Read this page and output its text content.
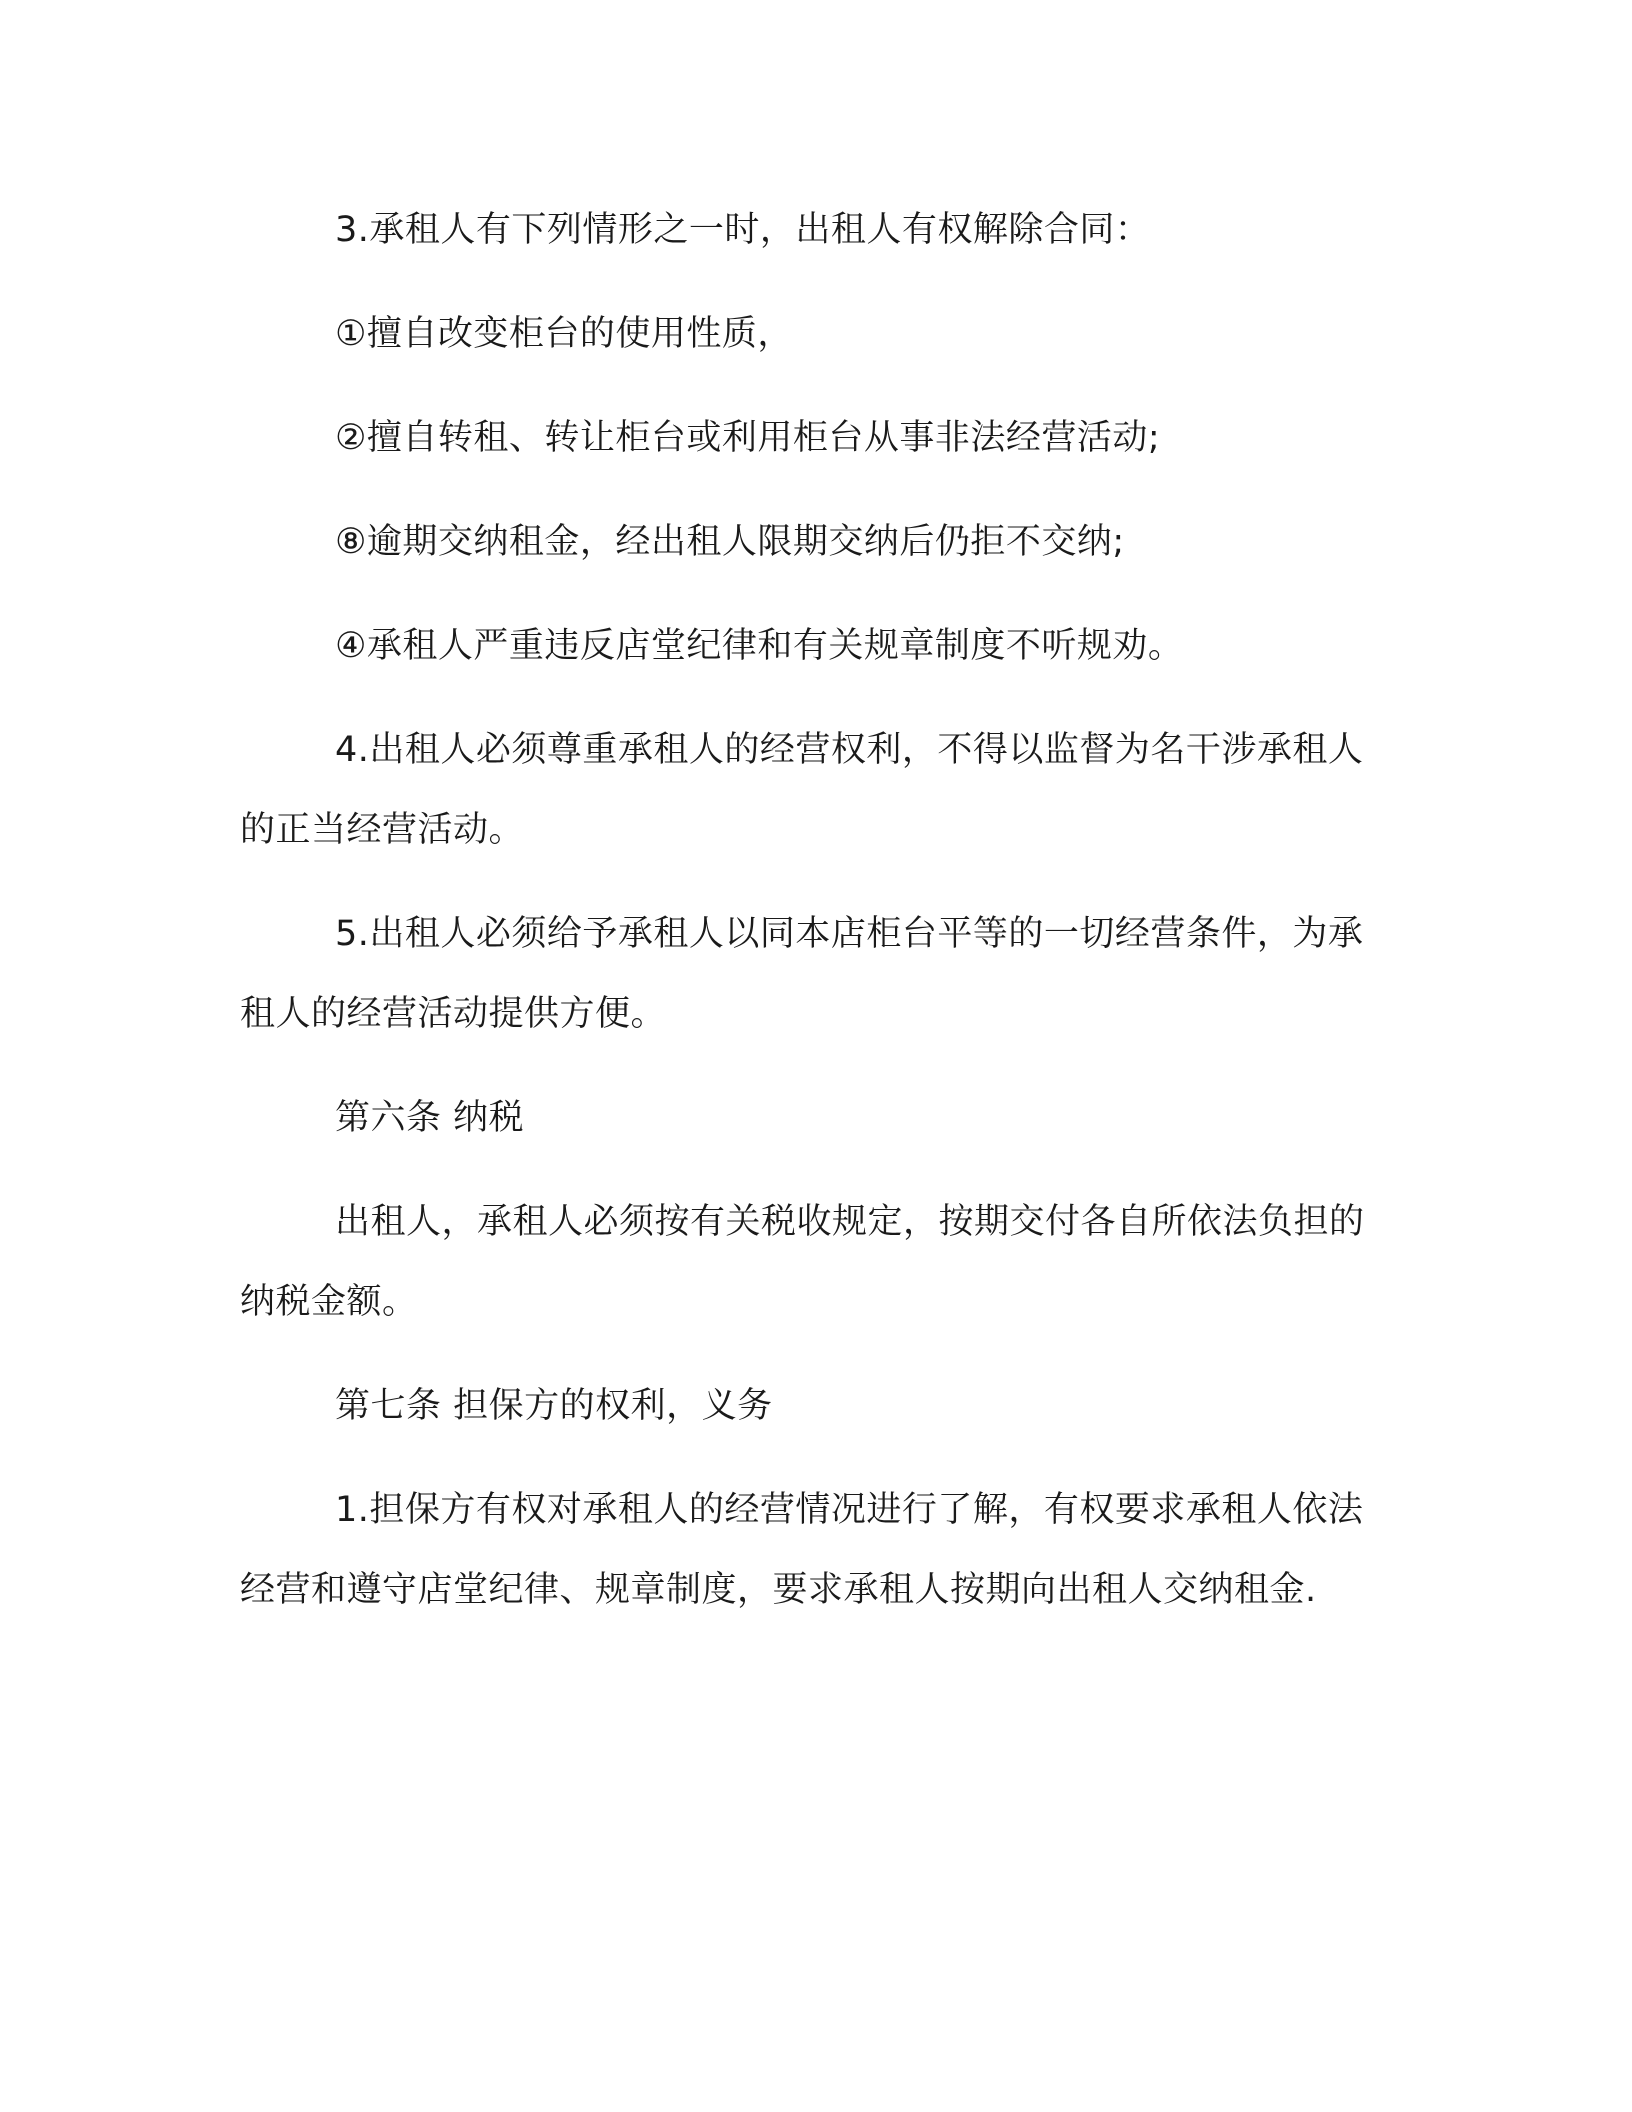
3.承租人有下列情形之一时，出租人有权解除合同：

①擅自改变柜台的使用性质，

②擅自转租、转让柜台或利用柜台从事非法经营活动;

⑧逾期交纳租金，经出租人限期交纳后仍拒不交纳;

④承租人严重违反店堂纪律和有关规章制度不听规劝。

4.出租人必须尊重承租人的经营权利，不得以监督为名干涉承租人的正当经营活动。

5.出租人必须给予承租人以同本店柜台平等的一切经营条件，为承租人的经营活动提供方便。

第六条 纳税

出租人，承租人必须按有关税收规定，按期交付各自所依法负担的纳税金额。

第七条 担保方的权利，义务

1.担保方有权对承租人的经营情况进行了解，有权要求承租人依法经营和遵守店堂纪律、规章制度，要求承租人按期向出租人交纳租金.
